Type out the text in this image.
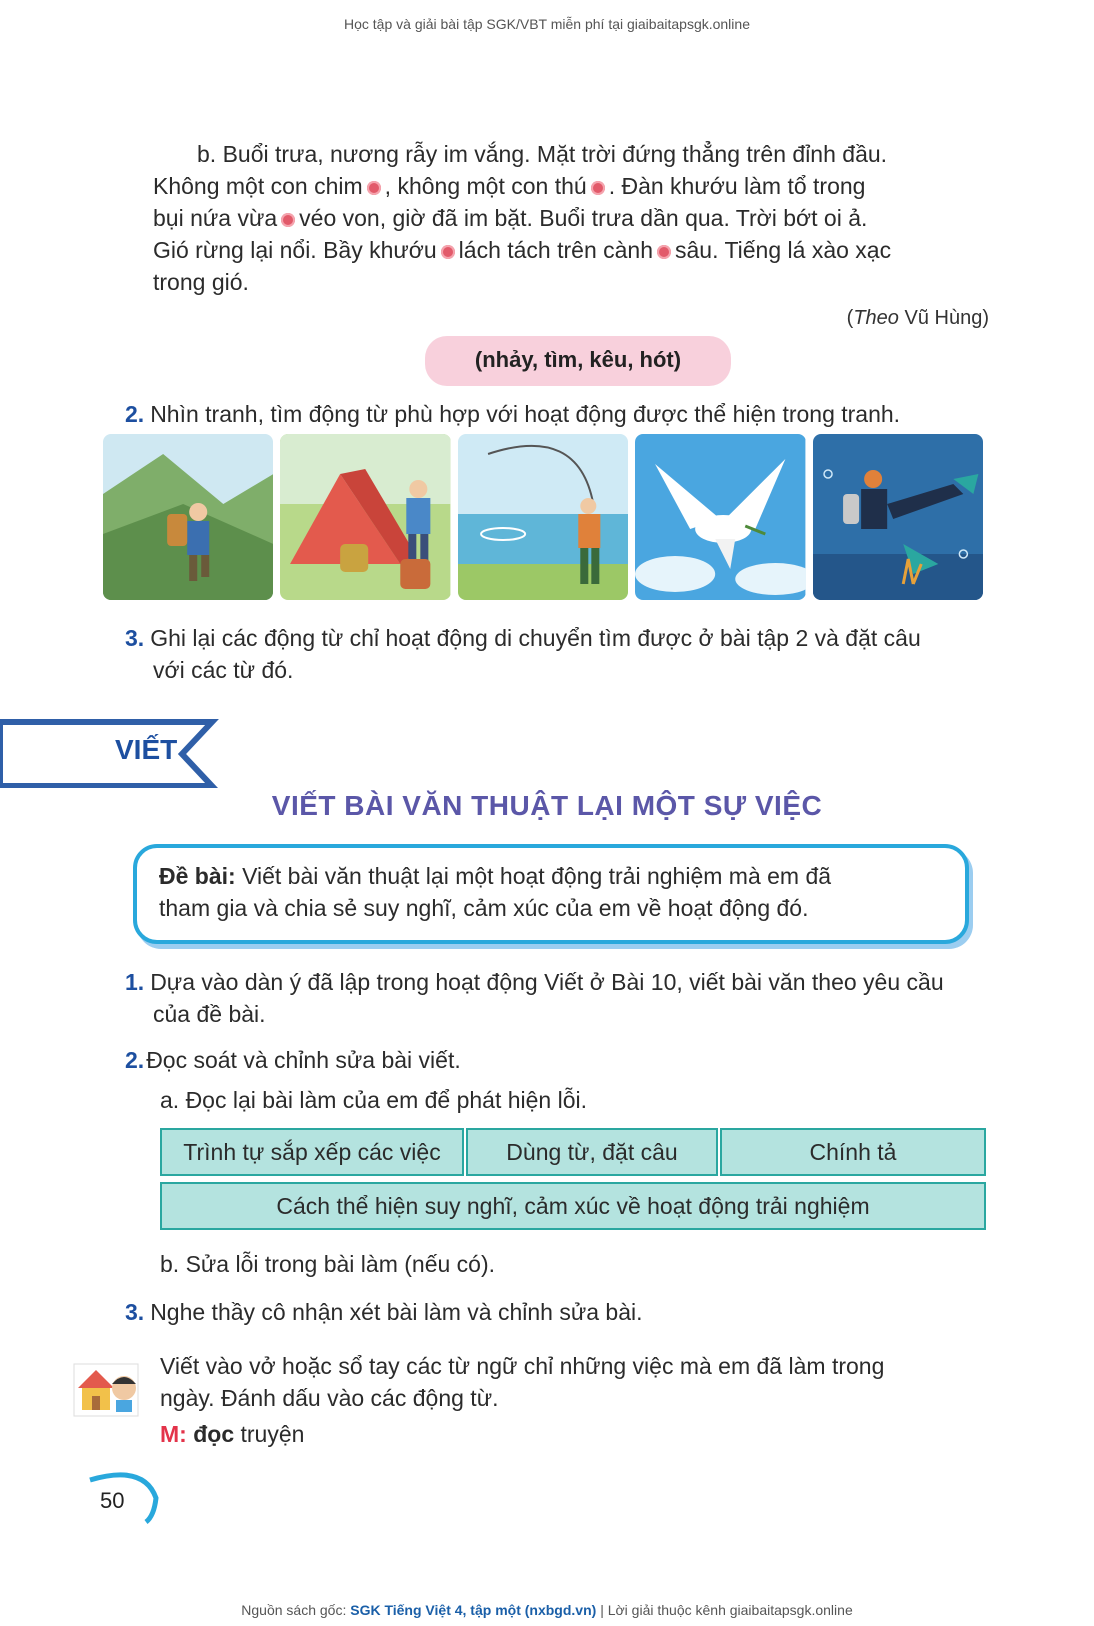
Học tập và giải bài tập SGK/VBT miễn phí tại giaibaitapsgk.online
b. Buổi trưa, nương rẫy im vắng. Mặt trời đứng thẳng trên đỉnh đầu.
Không một con chim , không một con thú . Đàn khướu làm tổ trong
bụi nứa vừa véo von, giờ đã im bặt. Buổi trưa dần qua. Trời bớt oi ả.
Gió rừng lại nổi. Bầy khướu lách tách trên cành sâu. Tiếng lá xào xạc
trong gió.
(Theo Vũ Hùng)
(nhảy, tìm, kêu, hót)
2. Nhìn tranh, tìm động từ phù hợp với hoạt động được thể hiện trong tranh.
3. Ghi lại các động từ chỉ hoạt động di chuyển tìm được ở bài tập 2 và đặt câu
với các từ đó.
VIẾT
VIẾT BÀI VĂN THUẬT LẠI MỘT SỰ VIỆC
Đề bài: Viết bài văn thuật lại một hoạt động trải nghiệm mà em đã
tham gia và chia sẻ suy nghĩ, cảm xúc của em về hoạt động đó.
1. Dựa vào dàn ý đã lập trong hoạt động Viết ở Bài 10, viết bài văn theo yêu cầu
của đề bài.
2.Đọc soát và chỉnh sửa bài viết.
a. Đọc lại bài làm của em để phát hiện lỗi.
Trình tự sắp xếp các việc	Dùng từ, đặt câu	Chính tả
Cách thể hiện suy nghĩ, cảm xúc về hoạt động trải nghiệm
b. Sửa lỗi trong bài làm (nếu có).
3. Nghe thầy cô nhận xét bài làm và chỉnh sửa bài.
Viết vào vở hoặc sổ tay các từ ngữ chỉ những việc mà em đã làm trong
ngày. Đánh dấu vào các động từ.
M: đọc truyện
50
Nguồn sách gốc: SGK Tiếng Việt 4, tập một (nxbgd.vn) | Lời giải thuộc kênh giaibaitapsgk.online
